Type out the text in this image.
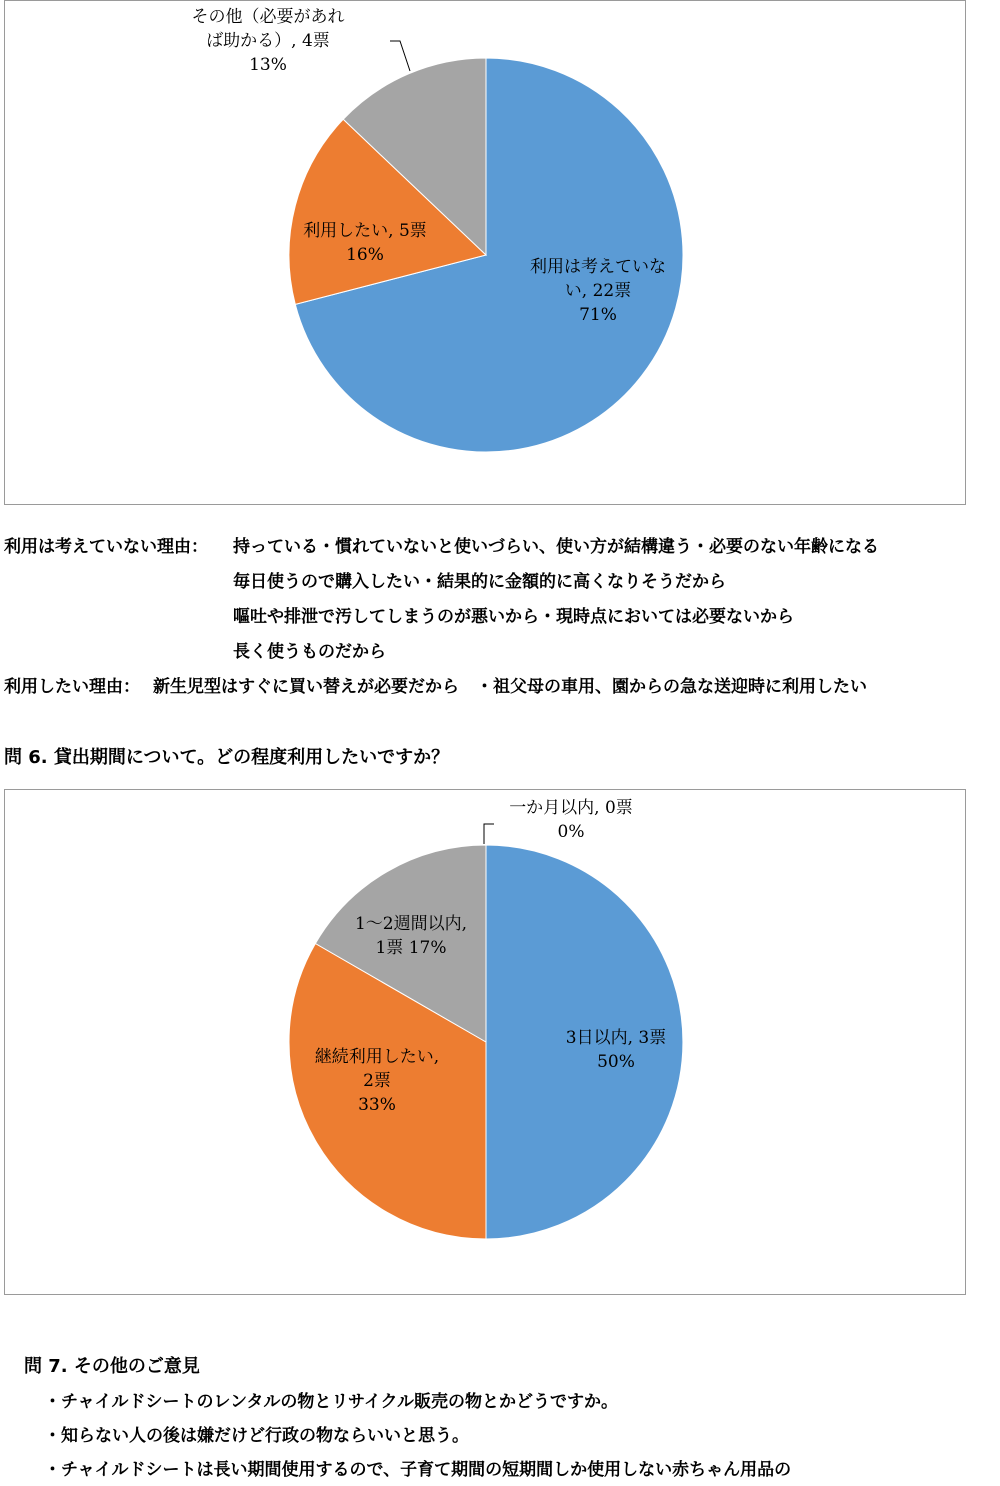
利用は考えていない, 22票 71%
利用したい, 5票 16%
その他（必要があれば助かる）, 4票 13%
利用は考えていない理由： 持っている・慣れていないと使いづらい、使い方が結構違う・必要のない年齢になる
毎日使うので購入したい・結果的に金額的に高くなりそうだから
嘔吐や排泄で汚してしまうのが悪いから・現時点においては必要ないから
長く使うものだから
利用したい理由： 新生児型はすぐに買い替えが必要だから　・祖父母の車用、園からの急な送迎時に利用したい
問 6. 貸出期間について。どの程度利用したいですか？
3日以内, 3票 50%
継続利用したい, 2票 33%
1～2週間以内, 1票 17%
一か月以内, 0票 0%
問 7. その他のご意見
・チャイルドシートのレンタルの物とリサイクル販売の物とかどうですか。
・知らない人の後は嫌だけど行政の物ならいいと思う。
・チャイルドシートは長い期間使用するので、子育て期間の短期間しか使用しない赤ちゃん用品の
